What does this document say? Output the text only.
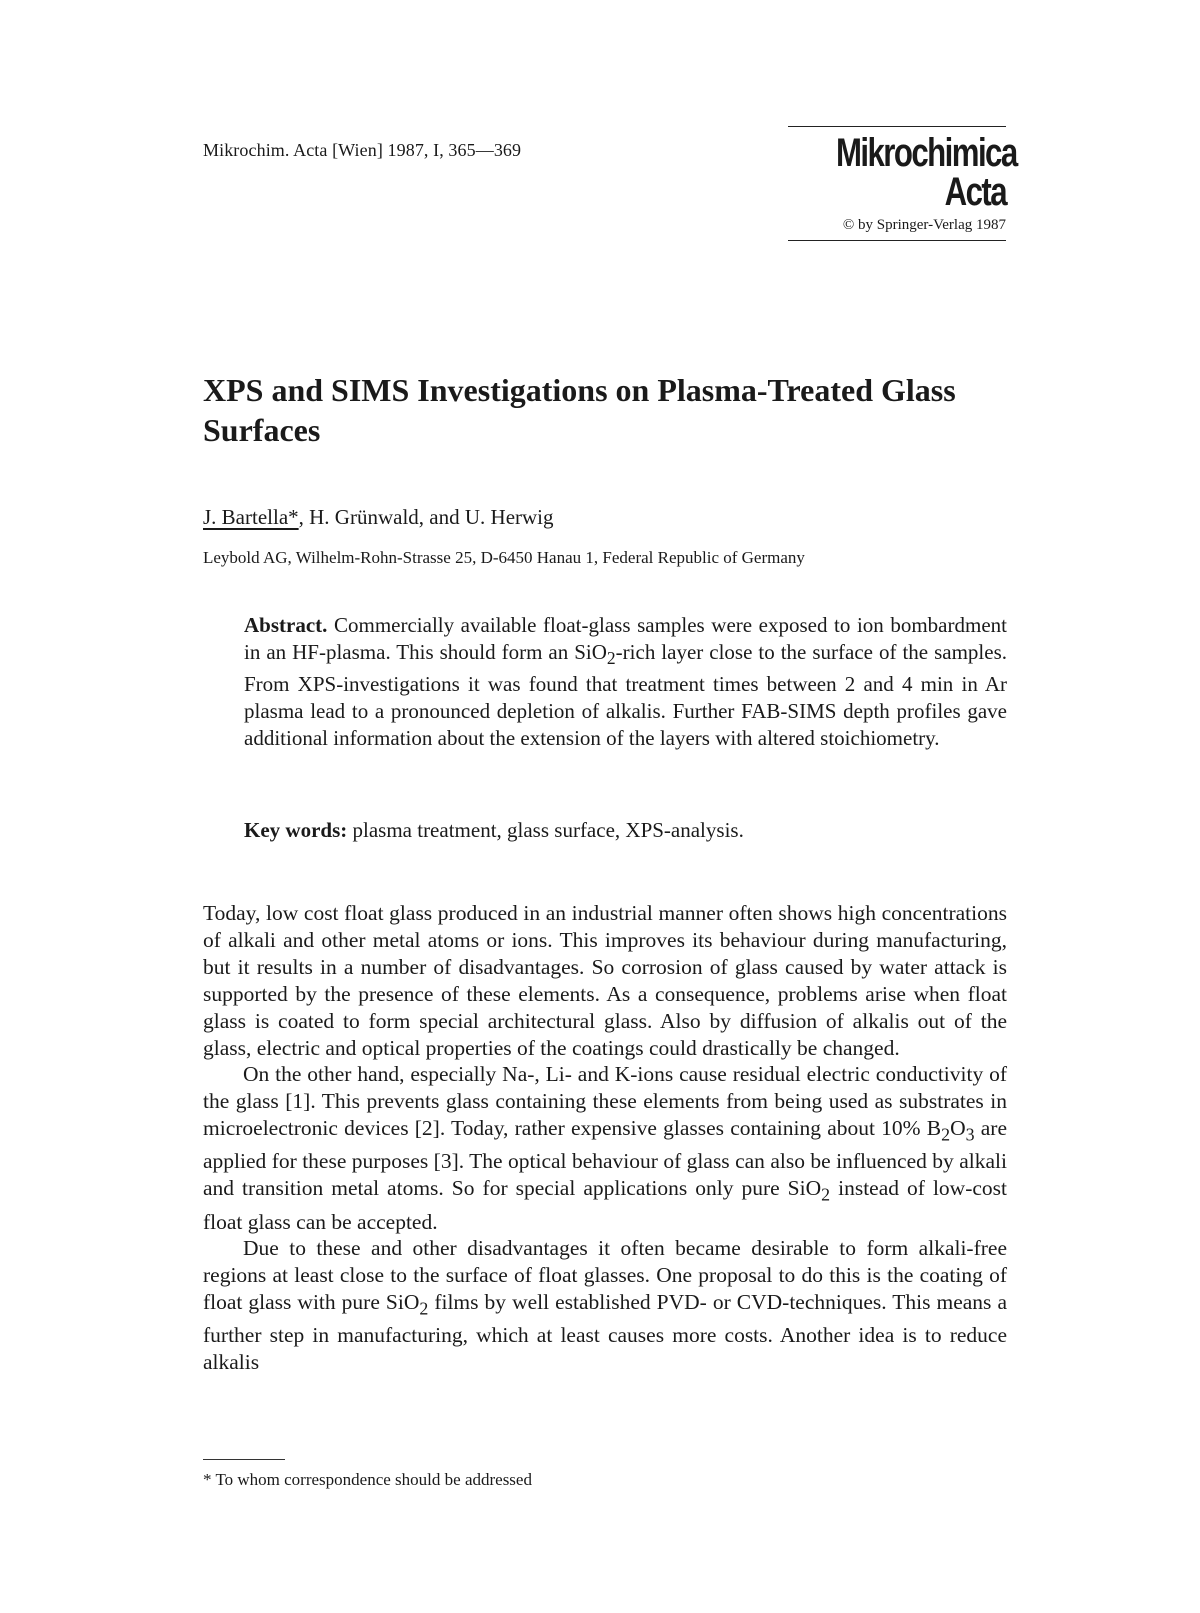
Mikrochim. Acta [Wien] 1987, I, 365—369	Mikrochimica
Acta
© by Springer-Verlag 1987
XPS and SIMS Investigations on Plasma-Treated Glass Surfaces
J. Bartella*, H. Grünwald, and U. Herwig
Leybold AG, Wilhelm-Rohn-Strasse 25, D-6450 Hanau 1, Federal Republic of Germany
Abstract. Commercially available float-glass samples were exposed to ion bombardment in an HF-plasma. This should form an SiO$_2$-rich layer close to the surface of the samples. From XPS-investigations it was found that treatment times between 2 and 4 min in Ar plasma lead to a pronounced depletion of alkalis. Further FAB-SIMS depth profiles gave additional information about the extension of the layers with altered stoichiometry.
Key words: plasma treatment, glass surface, XPS-analysis.

Today, low cost float glass produced in an industrial manner often shows high concentrations of alkali and other metal atoms or ions. This improves its behaviour during manufacturing, but it results in a number of disadvantages. So corrosion of glass caused by water attack is supported by the presence of these elements. As a consequence, problems arise when float glass is coated to form special architectural glass. Also by diffusion of alkalis out of the glass, electric and optical properties of the coatings could drastically be changed.

On the other hand, especially Na-, Li- and K-ions cause residual electric conductivity of the glass [1]. This prevents glass containing these elements from being used as substrates in microelectronic devices [2]. Today, rather expensive glasses containing about 10% $B_2O_3$ are applied for these purposes [3]. The optical behaviour of glass can also be influenced by alkali and transition metal atoms. So for special applications only pure SiO$_2$ instead of low-cost float glass can be accepted.

Due to these and other disadvantages it often became desirable to form alkali-free regions at least close to the surface of float glasses. One proposal to do this is the coating of float glass with pure SiO$_2$ films by well established PVD- or CVD-techniques. This means a further step in manufacturing, which at least causes more costs. Another idea is to reduce alkalis

* To whom correspondence should be addressed
